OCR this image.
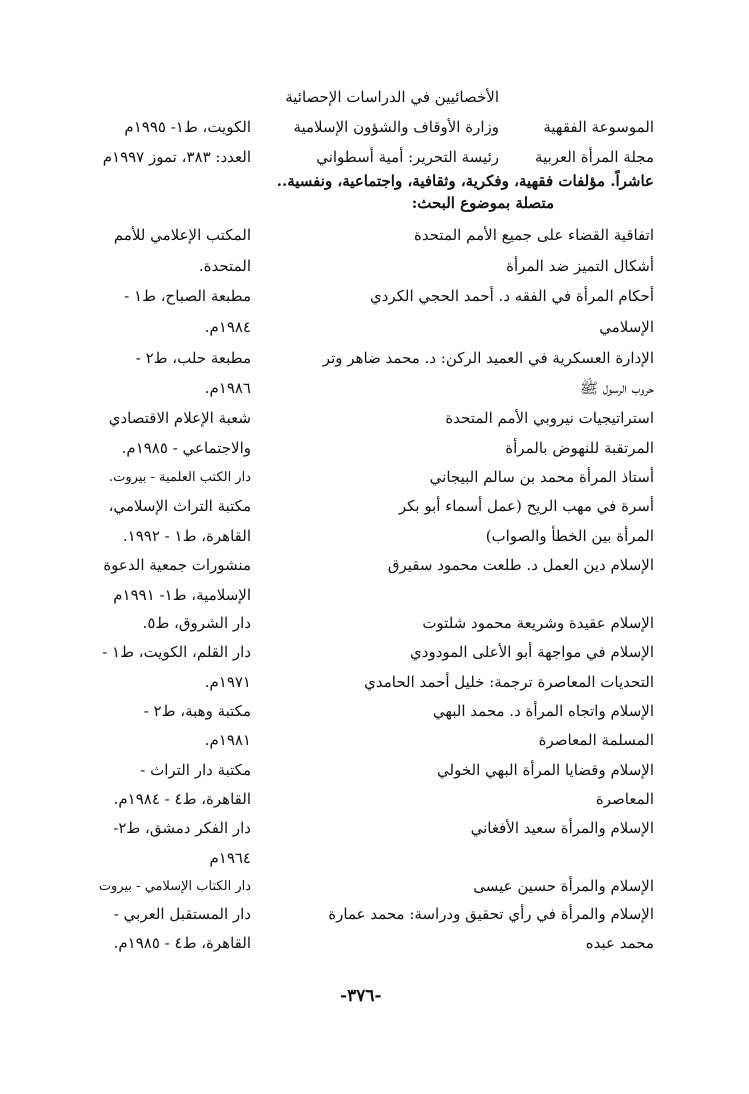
الأخصائيين في الدراسات الإحصائية
الموسوعة الفقهية
وزارة الأوقاف والشؤون الإسلامية
الكويت، ط١- ١٩٩٥م
مجلة المرأة العربية
رئيسة التحرير: أمية أسطواني
العدد: ٣٨٣، تموز ١٩٩٧م
عاشراً. مؤلفات فقهية، وفكرية، وثقافية، واجتماعية، ونفسية..
متصلة بموضوع البحث:
اتفاقية القضاء على جميع الأمم المتحدة
المكتب الإعلامي للأمم
أشكال التميز ضد المرأة
المتحدة.
أحكام المرأة في الفقه د. أحمد الحجي الكردي
مطبعة الصباح، ط١ -
الإسلامي
١٩٨٤م.
الإدارة العسكرية في العميد الركن: د. محمد ضاهر وتر
مطبعة حلب، ط٢ -
حروب الرسول ﷺ
١٩٨٦م.
استراتيجيات نيروبي الأمم المتحدة
شعبة الإعلام الاقتصادي
المرتقبة للنهوض بالمرأة
والاجتماعي - ١٩٨٥م.
أستاذ المرأة محمد بن سالم البيجاني
دار الكتب العلمية - بيروت.
أسرة في مهب الريح (عمل أسماء أبو بكر
مكتبة التراث الإسلامي،
المرأة بين الخطأ والصواب)
القاهرة، ط١ - ١٩٩٢.
الإسلام دين العمل د. طلعت محمود سقيرق
منشورات جمعية الدعوة
الإسلامية، ط١- ١٩٩١م
الإسلام عقيدة وشريعة محمود شلتوت
دار الشروق، ط٥.
الإسلام في مواجهة أبو الأعلى المودودي
دار القلم، الكويت، ط١ -
التحديات المعاصرة ترجمة: خليل أحمد الحامدي
١٩٧١م.
الإسلام واتجاه المرأة د. محمد البهي
مكتبة وهبة، ط٢ -
المسلمة المعاصرة
١٩٨١م.
الإسلام وقضايا المرأة البهي الخولي
مكتبة دار التراث -
المعاصرة
القاهرة، ط٤ - ١٩٨٤م.
الإسلام والمرأة سعيد الأفغاني
دار الفكر دمشق، ط٢-
١٩٦٤م
الإسلام والمرأة حسين عيسى
دار الكتاب الإسلامي - بيروت
الإسلام والمرأة في رأي تحقيق ودراسة: محمد عمارة
دار المستقبل العربي -
محمد عبده
القاهرة، ط٤ - ١٩٨٥م.
-٣٧٦-
